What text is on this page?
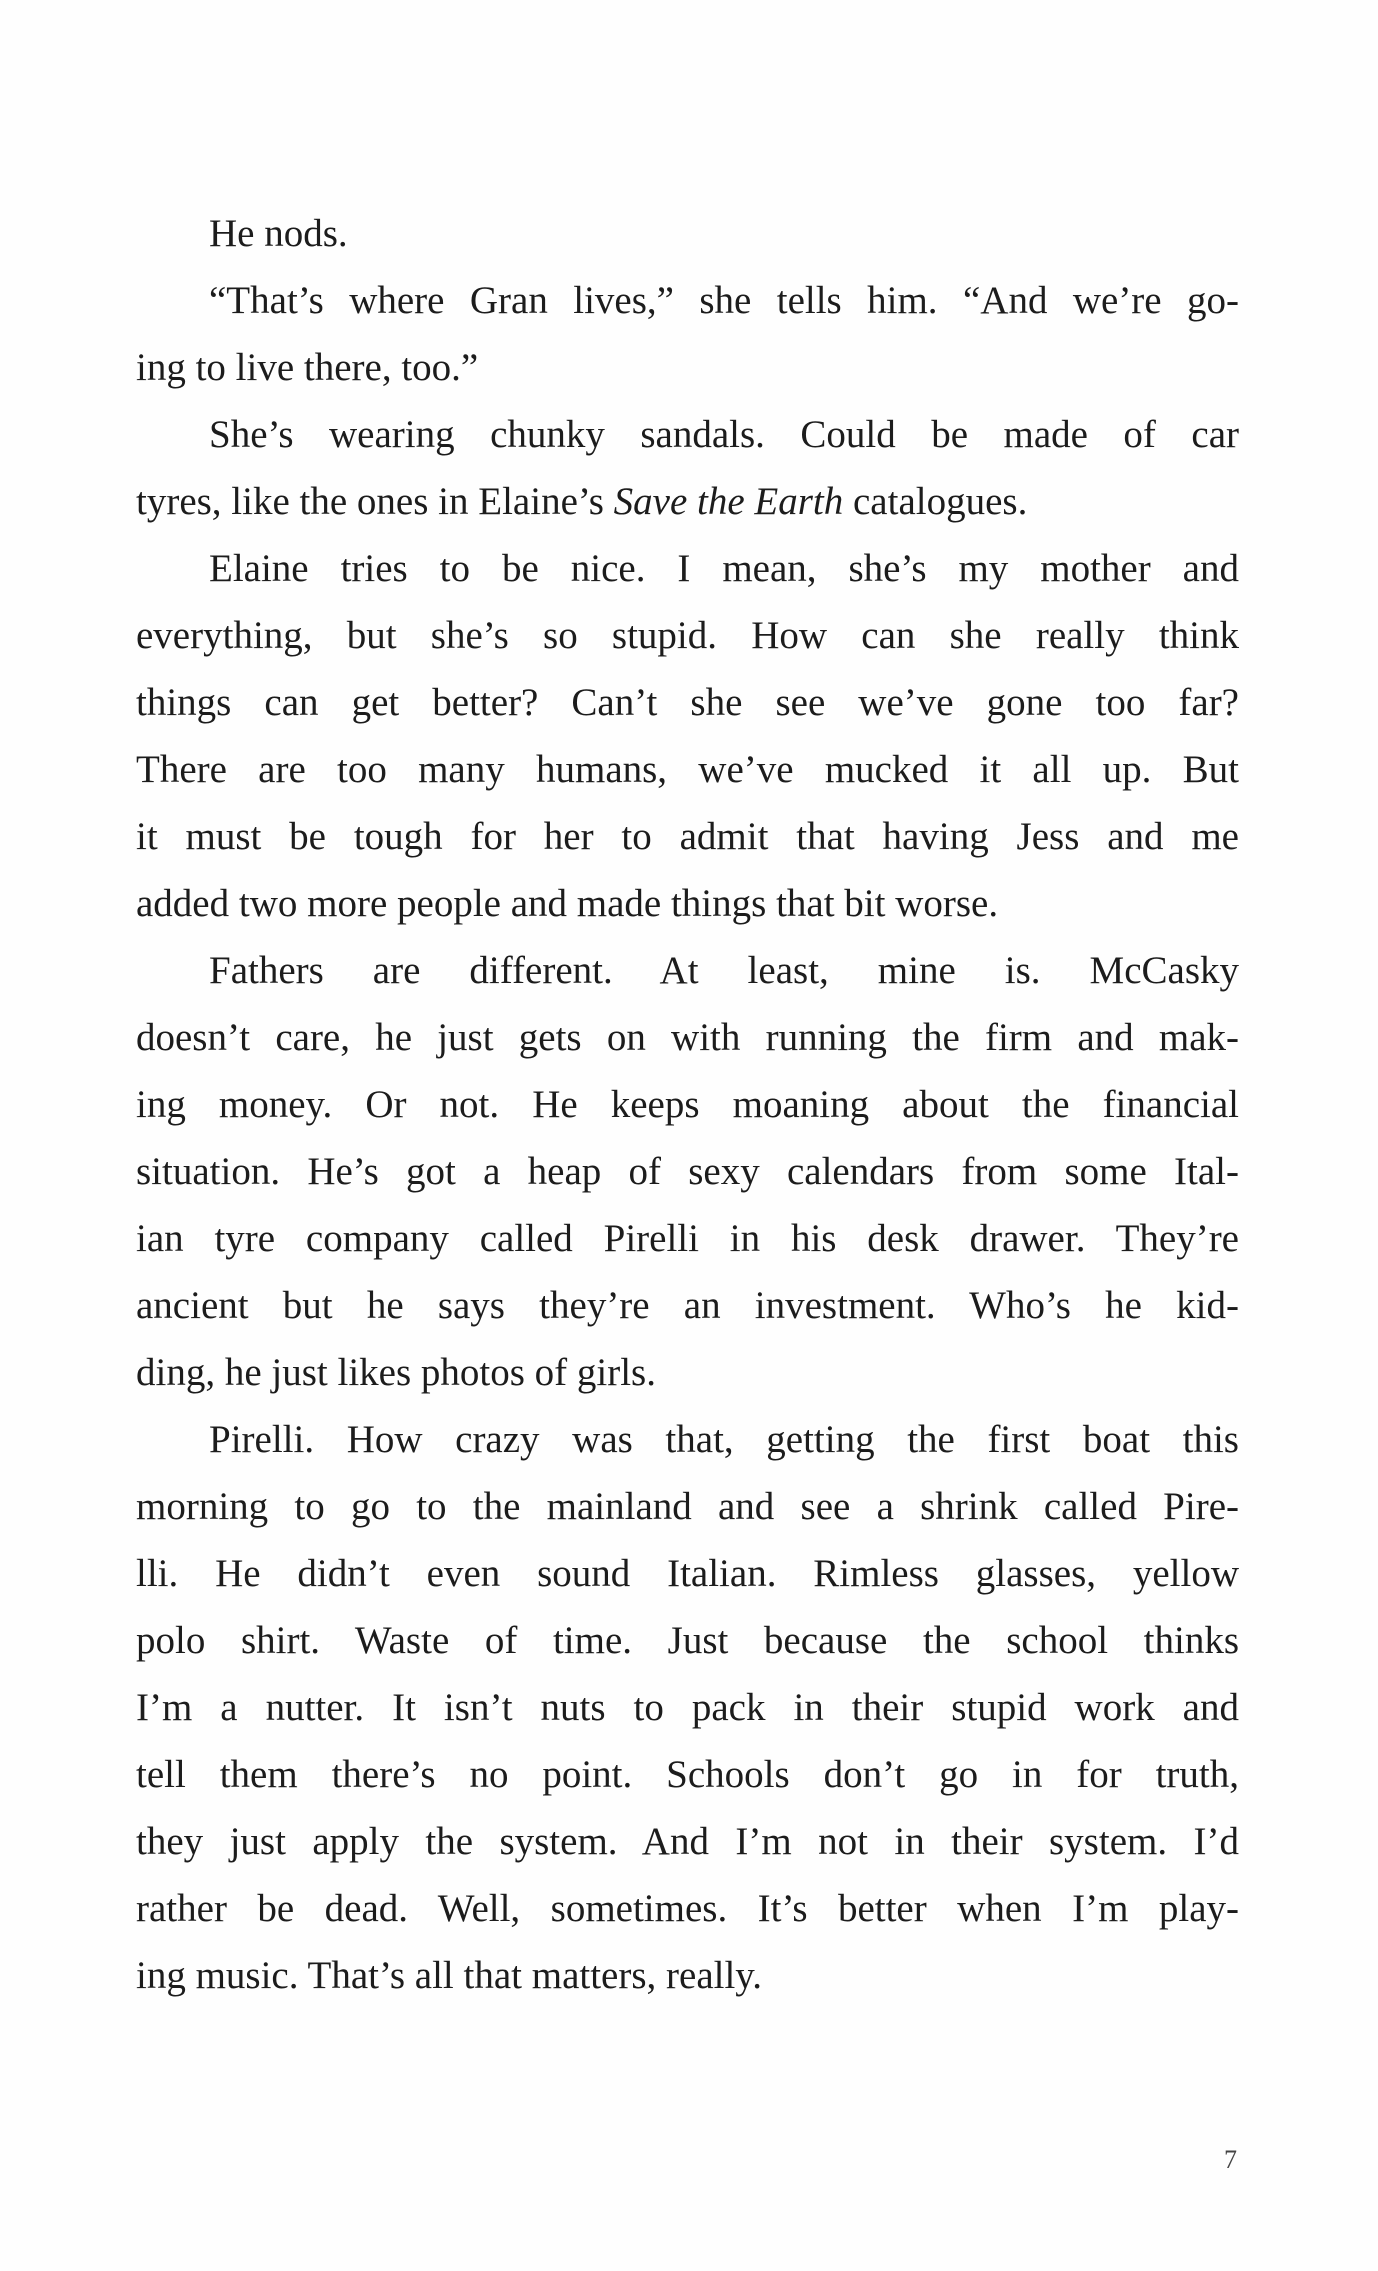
He nods.
“That’s where Gran lives,” she tells him. “And we’re go-
ing to live there, too.”
She’s wearing chunky sandals. Could be made of car
tyres, like the ones in Elaine’s Save the Earth catalogues.
Elaine tries to be nice. I mean, she’s my mother and
everything, but she’s so stupid. How can she really think
things can get better? Can’t she see we’ve gone too far?
There are too many humans, we’ve mucked it all up. But
it must be tough for her to admit that having Jess and me
added two more people and made things that bit worse.
Fathers are different. At least, mine is. McCasky
doesn’t care, he just gets on with running the firm and mak-
ing money. Or not. He keeps moaning about the financial
situation. He’s got a heap of sexy calendars from some Ital-
ian tyre company called Pirelli in his desk drawer. They’re
ancient but he says they’re an investment. Who’s he kid-
ding, he just likes photos of girls.
Pirelli. How crazy was that, getting the first boat this
morning to go to the mainland and see a shrink called Pire-
lli. He didn’t even sound Italian. Rimless glasses, yellow
polo shirt. Waste of time. Just because the school thinks
I’m a nutter. It isn’t nuts to pack in their stupid work and
tell them there’s no point. Schools don’t go in for truth,
they just apply the system. And I’m not in their system. I’d
rather be dead. Well, sometimes. It’s better when I’m play-
ing music. That’s all that matters, really.
7
